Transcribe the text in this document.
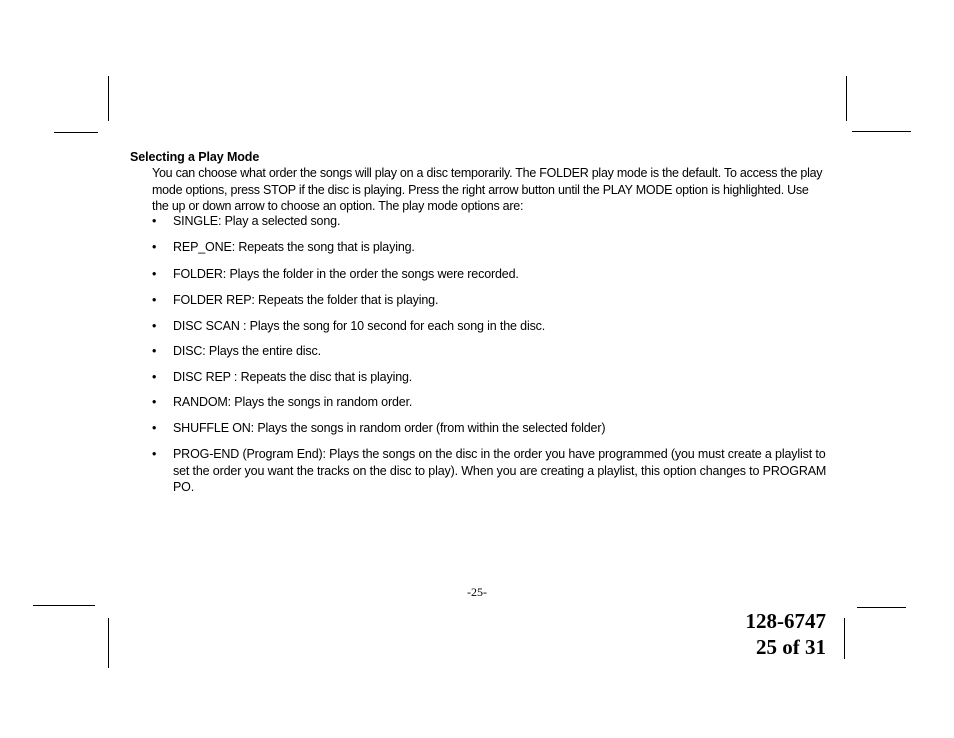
Selecting a Play Mode
You can choose what order the songs will play on a disc temporarily. The FOLDER play mode is the default. To access the play mode options, press STOP if the disc is playing. Press the right arrow button until the PLAY MODE option is highlighted. Use the up or down arrow to choose an option. The play mode options are:
•	SINGLE: Play a selected song.
•	REP_ONE: Repeats the song that is playing.
•	FOLDER: Plays the folder in the order the songs were recorded.
•	FOLDER REP: Repeats the folder that is playing.
•	DISC SCAN : Plays the song for 10 second for each song in the disc.
•	DISC: Plays the entire disc.
•	DISC REP : Repeats the disc that is playing.
•	RANDOM: Plays the songs in random order.
•	SHUFFLE ON: Plays the songs in random order (from within the selected folder)
•	PROG-END (Program End): Plays the songs on the disc in the order you have programmed (you must create a playlist to set the order you want the tracks on the disc to play). When you are creating a playlist, this option changes to PROGRAM PO.
-25-
128-6747
25 of 31
